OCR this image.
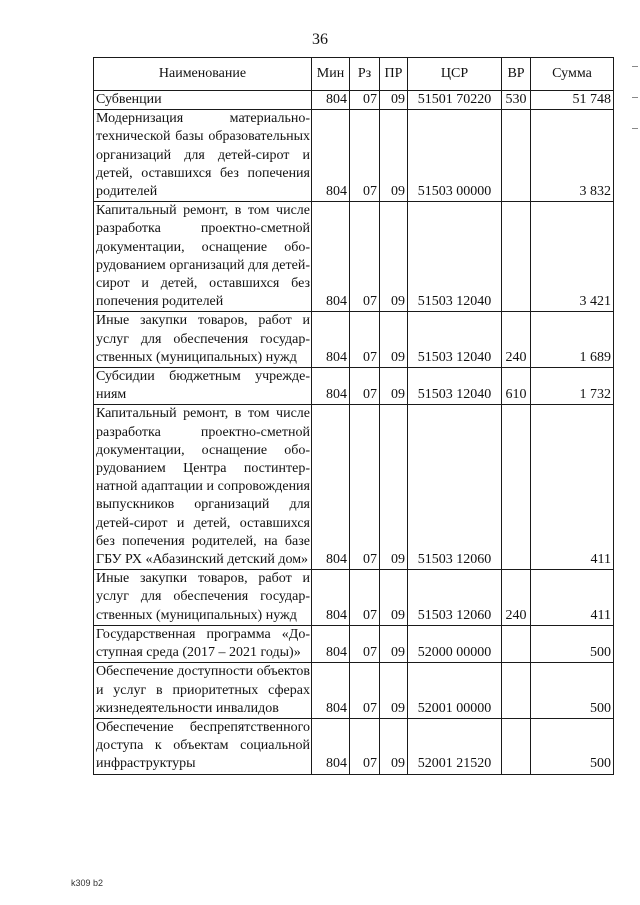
36
Наименование	Мин	Рз	ПР	ЦСР	ВР	Сумма
Субвенции	804	07	09	51501 70220	530	51 748
Модернизация материально-технической базы образовательных организаций для детей-сирот и детей, оставшихся без попечения родителей	804	07	09	51503 00000		3 832
Капитальный ремонт, в том числе разработка проектно-сметной документации, оснащение оборудованием организаций для детей-сирот и детей, оставшихся без попечения родителей	804	07	09	51503 12040		3 421
Иные закупки товаров, работ и услуг для обеспечения государственных (муниципальных) нужд	804	07	09	51503 12040	240	1 689
Субсидии бюджетным учреждениям	804	07	09	51503 12040	610	1 732
Капитальный ремонт, в том числе разработка проектно-сметной документации, оснащение оборудованием Центра постинтернатной адаптации и сопровождения выпускников организаций для детей-сирот и детей, оставшихся без попечения родителей, на базе ГБУ РХ «Абазинский детский дом»	804	07	09	51503 12060		411
Иные закупки товаров, работ и услуг для обеспечения государственных (муниципальных) нужд	804	07	09	51503 12060	240	411
Государственная программа «Доступная среда (2017 – 2021 годы)»	804	07	09	52000 00000		500
Обеспечение доступности объектов и услуг в приоритетных сферах жизнедеятельности инвалидов	804	07	09	52001 00000		500
Обеспечение беспрепятственного доступа к объектам социальной инфраструктуры	804	07	09	52001 21520		500
k309 b2
